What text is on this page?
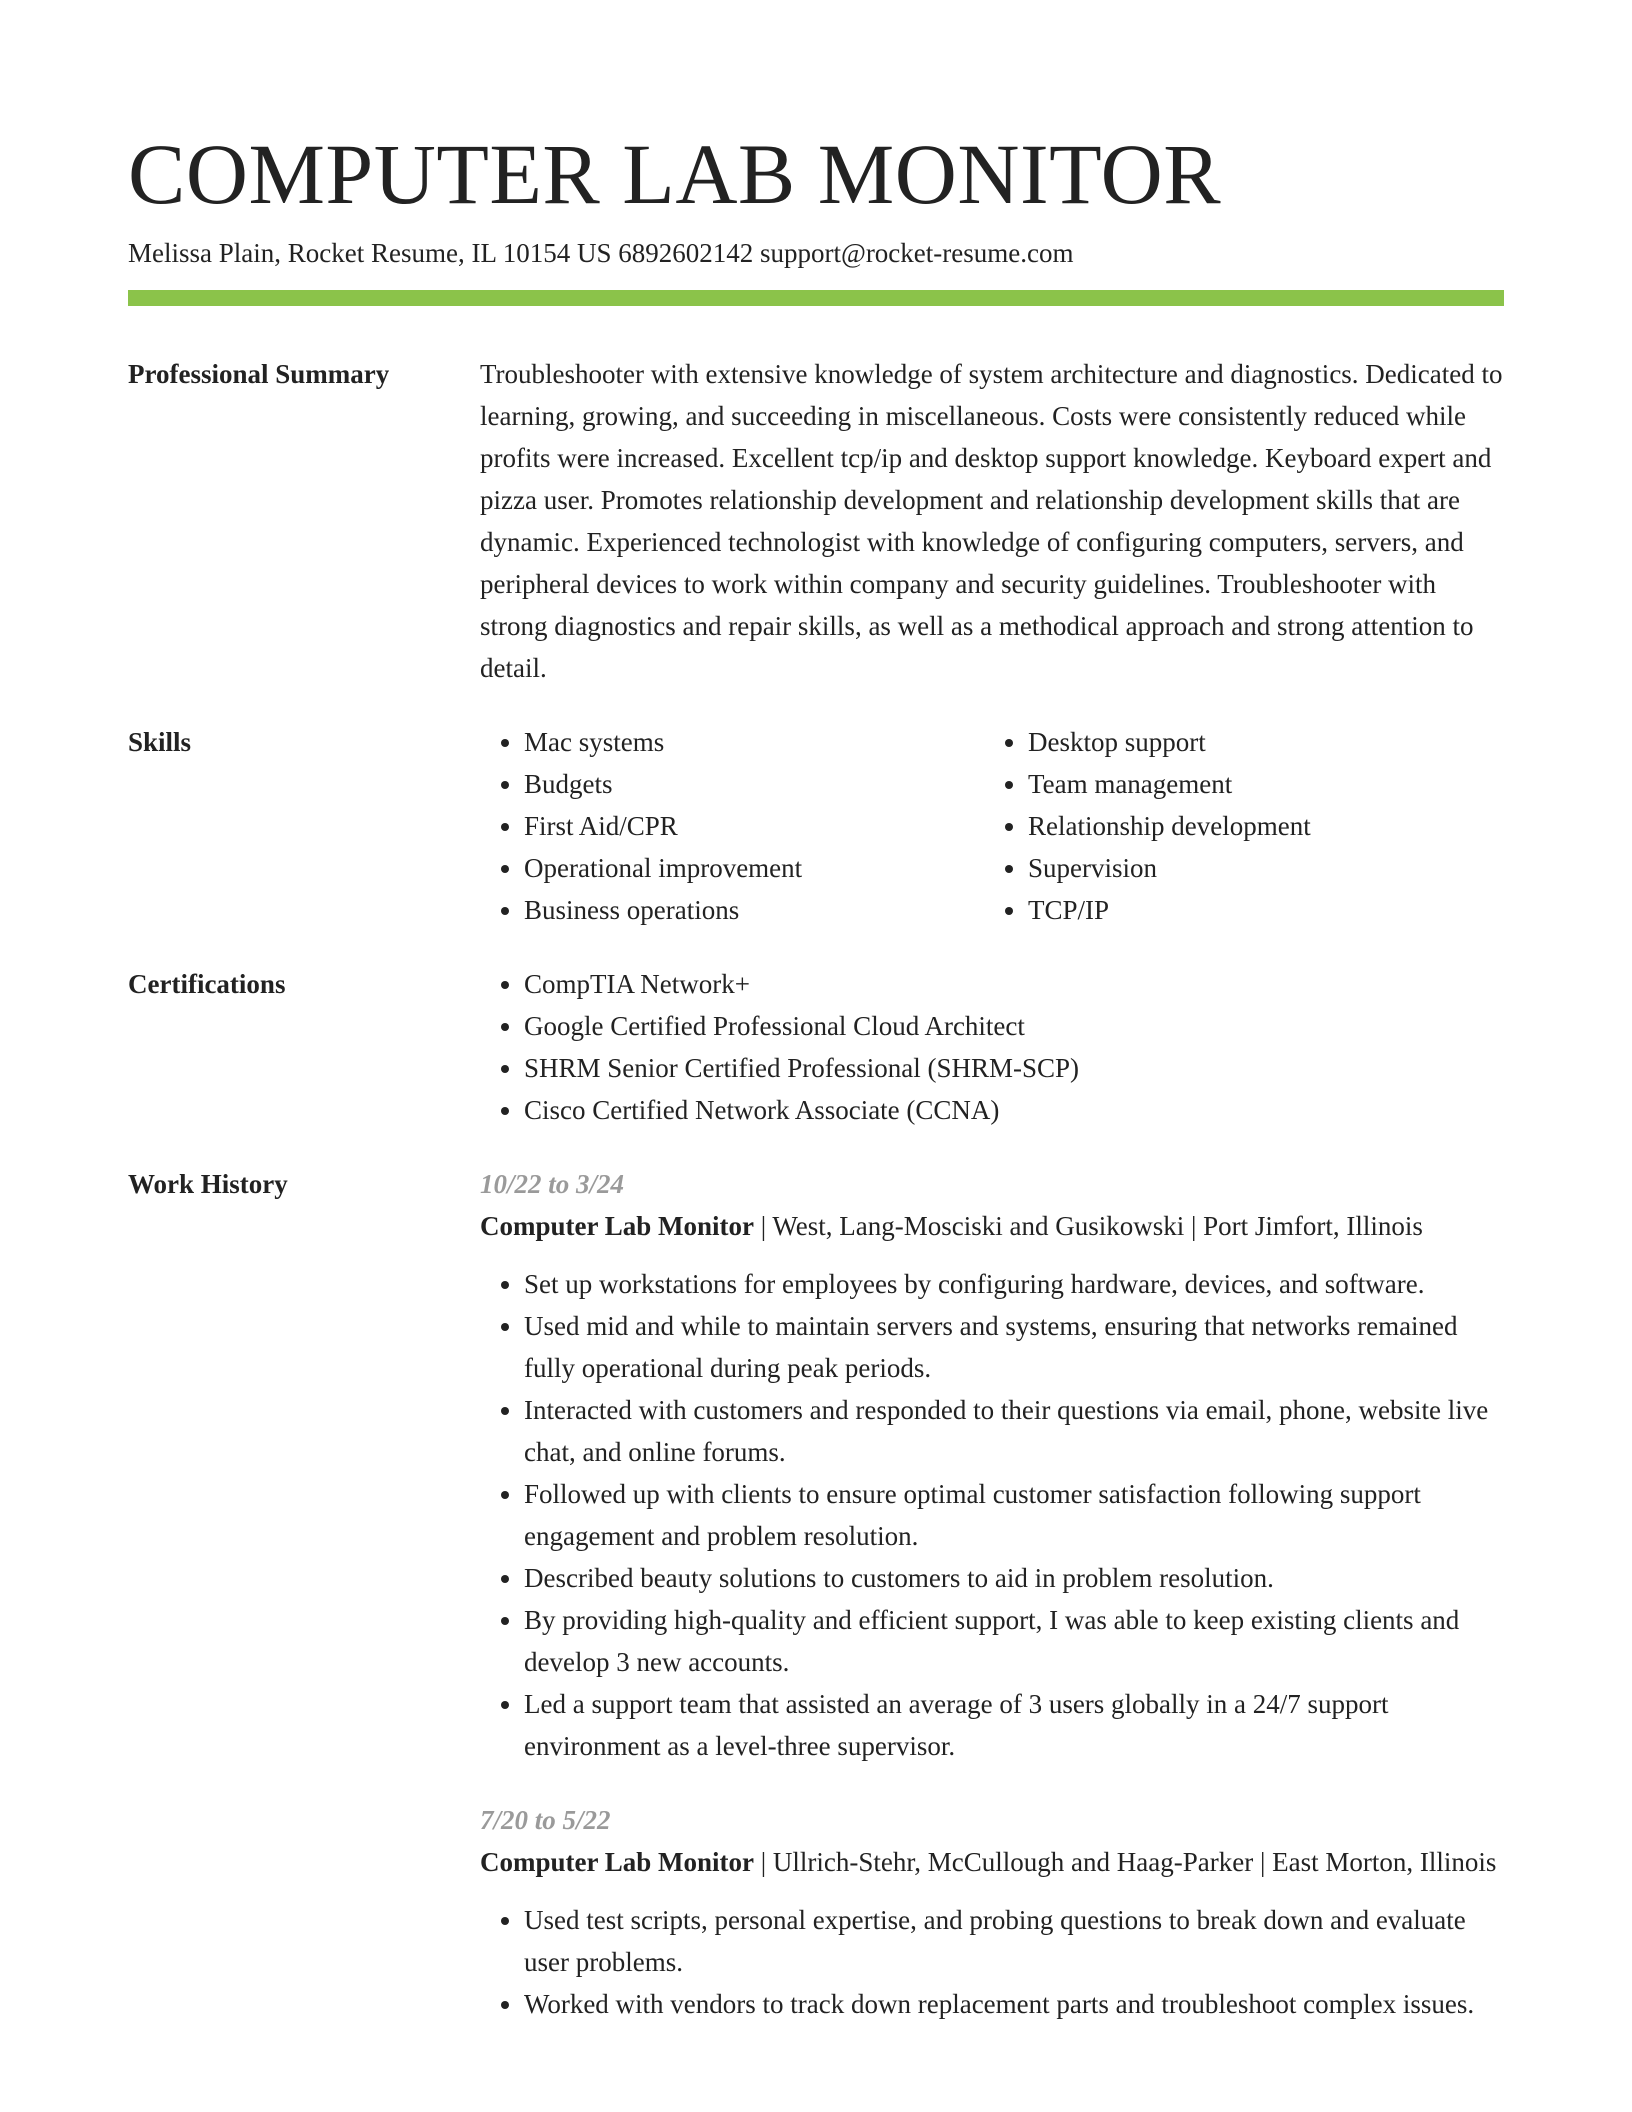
COMPUTER LAB MONITOR
Melissa Plain, Rocket Resume, IL 10154 US 6892602142 support@rocket-resume.com
Professional Summary	Troubleshooter with extensive knowledge of system architecture and diagnostics. Dedicated to learning, growing, and succeeding in miscellaneous. Costs were consistently reduced while profits were increased. Excellent tcp/ip and desktop support knowledge. Keyboard expert and pizza user. Promotes relationship development and relationship development skills that are dynamic. Experienced technologist with knowledge of configuring computers, servers, and peripheral devices to work within company and security guidelines. Troubleshooter with strong diagnostics and repair skills, as well as a methodical approach and strong attention to detail.
Skills	• Mac systems
• Budgets
• First Aid/CPR
• Operational improvement
• Business operations
• Desktop support
• Team management
• Relationship development
• Supervision
• TCP/IP
Certifications	• CompTIA Network+
• Google Certified Professional Cloud Architect
• SHRM Senior Certified Professional (SHRM-SCP)
• Cisco Certified Network Associate (CCNA)
Work History	10/22 to 3/24
Computer Lab Monitor | West, Lang-Mosciski and Gusikowski | Port Jimfort, Illinois
• Set up workstations for employees by configuring hardware, devices, and software.
• Used mid and while to maintain servers and systems, ensuring that networks remained fully operational during peak periods.
• Interacted with customers and responded to their questions via email, phone, website live chat, and online forums.
• Followed up with clients to ensure optimal customer satisfaction following support engagement and problem resolution.
• Described beauty solutions to customers to aid in problem resolution.
• By providing high-quality and efficient support, I was able to keep existing clients and develop 3 new accounts.
• Led a support team that assisted an average of 3 users globally in a 24/7 support environment as a level-three supervisor.
7/20 to 5/22
Computer Lab Monitor | Ullrich-Stehr, McCullough and Haag-Parker | East Morton, Illinois
• Used test scripts, personal expertise, and probing questions to break down and evaluate user problems.
• Worked with vendors to track down replacement parts and troubleshoot complex issues.
